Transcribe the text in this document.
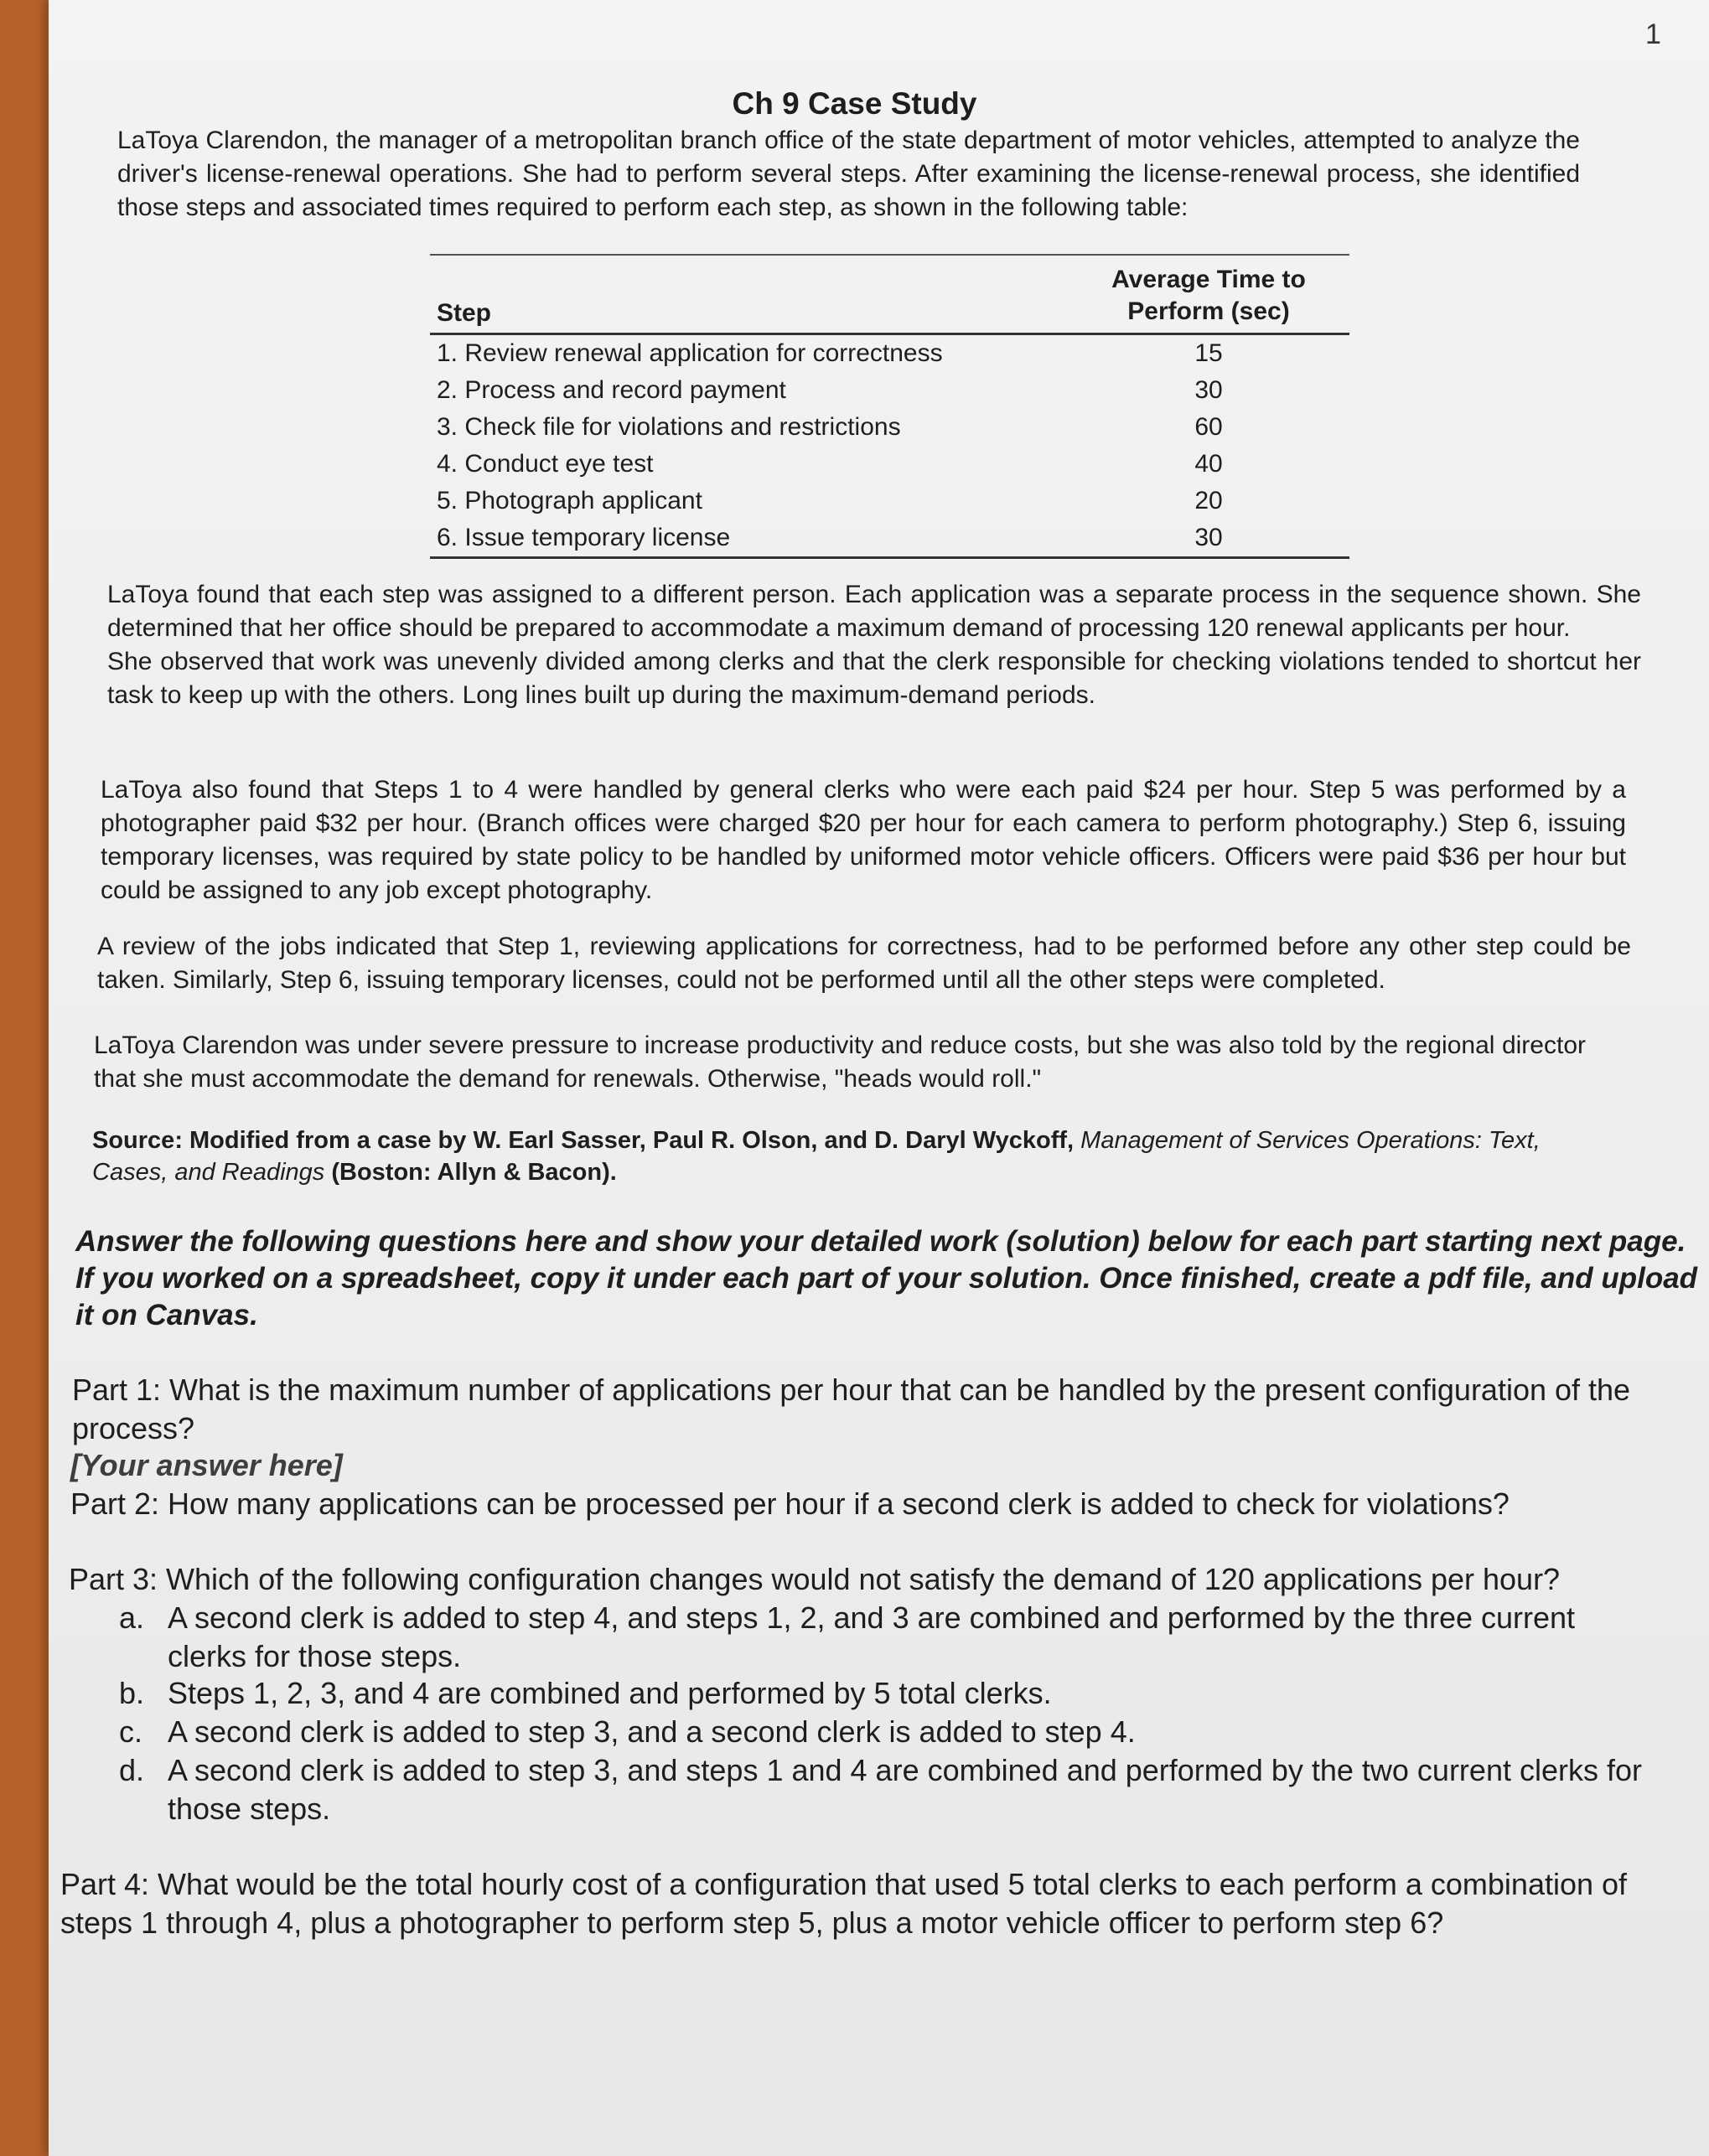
1
Ch 9 Case Study

LaToya Clarendon, the manager of a metropolitan branch office of the state department of motor vehicles, attempted to analyze the driver's license-renewal operations. She had to perform several steps. After examining the license-renewal process, she identified those steps and associated times required to perform each step, as shown in the following table:

Step	Average Time to
Perform (sec)
1. Review renewal application for correctness	15
2. Process and record payment	30
3. Check file for violations and restrictions	60
4. Conduct eye test	40
5. Photograph applicant	20
6. Issue temporary license	30
LaToya found that each step was assigned to a different person. Each application was a separate process in the sequence shown. She determined that her office should be prepared to accommodate a maximum demand of processing 120 renewal applicants per hour.
She observed that work was unevenly divided among clerks and that the clerk responsible for checking violations tended to shortcut her task to keep up with the others. Long lines built up during the maximum-demand periods.

LaToya also found that Steps 1 to 4 were handled by general clerks who were each paid $24 per hour. Step 5 was performed by a photographer paid $32 per hour. (Branch offices were charged $20 per hour for each camera to perform photography.) Step 6, issuing temporary licenses, was required by state policy to be handled by uniformed motor vehicle officers. Officers were paid $36 per hour but could be assigned to any job except photography.

A review of the jobs indicated that Step 1, reviewing applications for correctness, had to be performed before any other step could be taken. Similarly, Step 6, issuing temporary licenses, could not be performed until all the other steps were completed.

LaToya Clarendon was under severe pressure to increase productivity and reduce costs, but she was also told by the regional director that she must accommodate the demand for renewals. Otherwise, "heads would roll."

Source: Modified from a case by W. Earl Sasser, Paul R. Olson, and D. Daryl Wyckoff, Management of Services Operations: Text, Cases, and Readings (Boston: Allyn & Bacon).

Answer the following questions here and show your detailed work (solution) below for each part starting next page. If you worked on a spreadsheet, copy it under each part of your solution. Once finished, create a pdf file, and upload it on Canvas.

Part 1: What is the maximum number of applications per hour that can be handled by the present configuration of the process?

[Your answer here]

Part 2: How many applications can be processed per hour if a second clerk is added to check for violations?

Part 3: Which of the following configuration changes would not satisfy the demand of 120 applications per hour?

a. A second clerk is added to step 4, and steps 1, 2, and 3 are combined and performed by the three current clerks for those steps.
b. Steps 1, 2, 3, and 4 are combined and performed by 5 total clerks.
c. A second clerk is added to step 3, and a second clerk is added to step 4.
d. A second clerk is added to step 3, and steps 1 and 4 are combined and performed by the two current clerks for those steps.

Part 4: What would be the total hourly cost of a configuration that used 5 total clerks to each perform a combination of
steps 1 through 4, plus a photographer to perform step 5, plus a motor vehicle officer to perform step 6?
